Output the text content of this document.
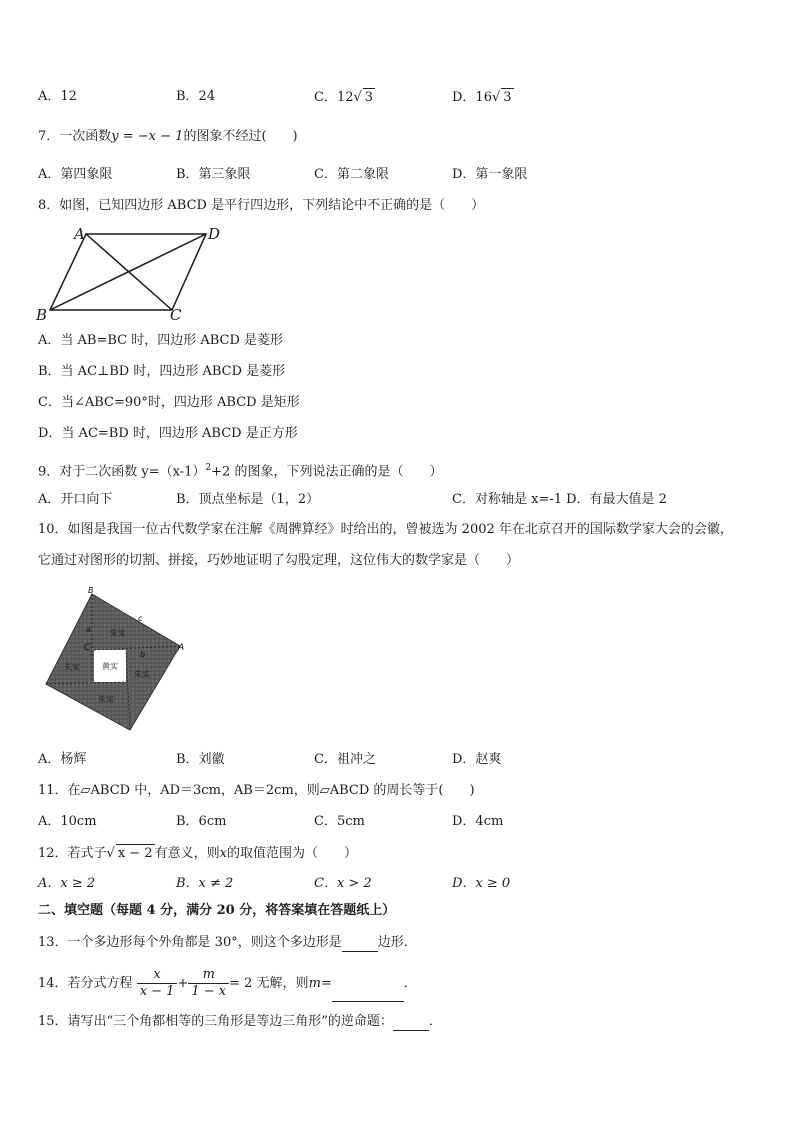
A．12	B．24	C．12√ 3	D．16√ 3
7．一次函数y = −x − 1的图象不经过(　　)
A．第四象限	B．第三象限	C．第二象限	D．第一象限
8．如图，已知四边形 ABCD 是平行四边形，下列结论中不正确的是（　　）
A	D
B	C
A．当 AB=BC 时，四边形 ABCD 是菱形
B．当 AC⊥BD 时，四边形 ABCD 是菱形
C．当∠ABC=90°时，四边形 ABCD 是矩形
D．当 AC=BD 时，四边形 ABCD 是正方形
9．对于二次函数 $y=(x-1)^2+2$ 的图象，下列说法正确的是（　　）
A．开口向下	B．顶点坐标是（1，2）	C．对称轴是 x=-1 D．有最大值是 2
10．如图是我国一位古代数学家在注解《周髀算经》时给出的，曾被选为 2002 年在北京召开的国际数学家大会的会徽，
它通过对图形的切割、拼接，巧妙地证明了勾股定理，这位伟大的数学家是（　　）
B
c
a
b
C	A
朱实
朱实
朱实
朱实
黄实
A．杨辉	B．刘徽	C．祖冲之	D．赵爽
11．在▱ABCD 中，AD＝3cm，AB＝2cm，则▱ABCD 的周长等于(　　)
A．10cm	B．6cm	C．5cm	D．4cm
12．若式子√ x − 2 有意义，则x的取值范围为（　　）
A．x ≥ 2	B．x ≠ 2	C．x > 2	D．x ≥ 0
二、填空题（每题 4 分，满分 20 分，将答案填在答题纸上）
13．一个多边形每个外角都是 30°，则这个多边形是	边形．
14．若分式方程 $\frac{x}{x - 1} + \frac{m}{1 - x} = 2$ 无解，则m=	．
15．请写出“三个角都相等的三角形是等边三角形”的逆命题：	．
